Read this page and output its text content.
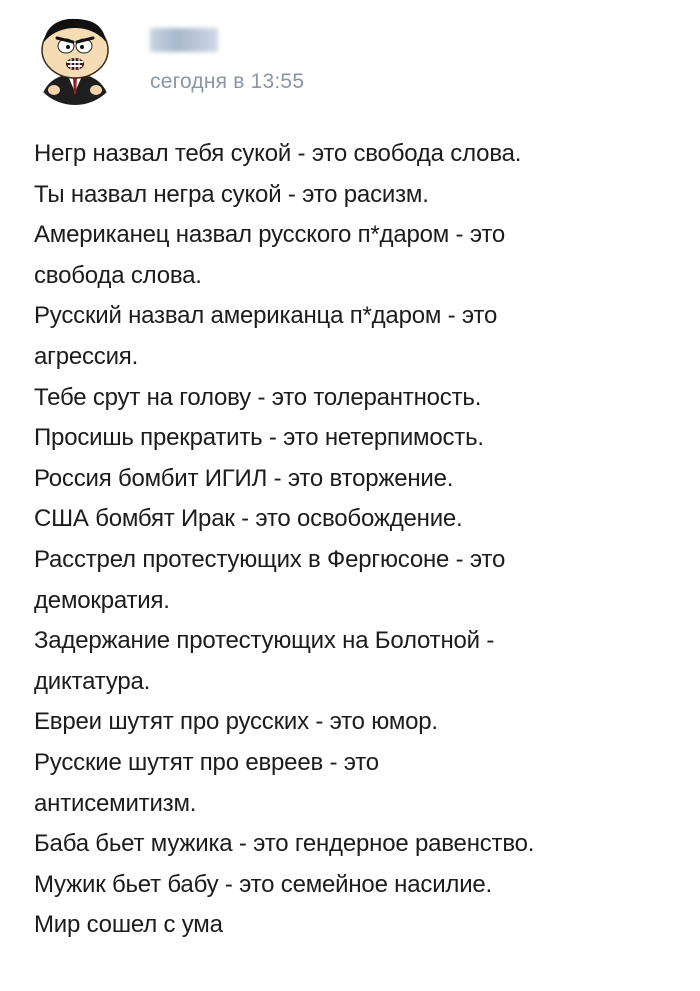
сегодня в 13:55
Негр назвал тебя сукой - это свобода слова.
Ты назвал негра сукой - это расизм.
Американец назвал русского п*даром - это
свобода слова.
Русский назвал американца п*даром - это
агрессия.
Тебе срут на голову - это толерантность.
Просишь прекратить - это нетерпимость.
Россия бомбит ИГИЛ - это вторжение.
США бомбят Ирак - это освобождение.
Расстрел протестующих в Фергюсоне - это
демократия.
Задержание протестующих на Болотной -
диктатура.
Евреи шутят про русских - это юмор.
Русские шутят про евреев - это
антисемитизм.
Баба бьет мужика - это гендерное равенство.
Мужик бьет бабу - это семейное насилие.
Мир сошел с ума
